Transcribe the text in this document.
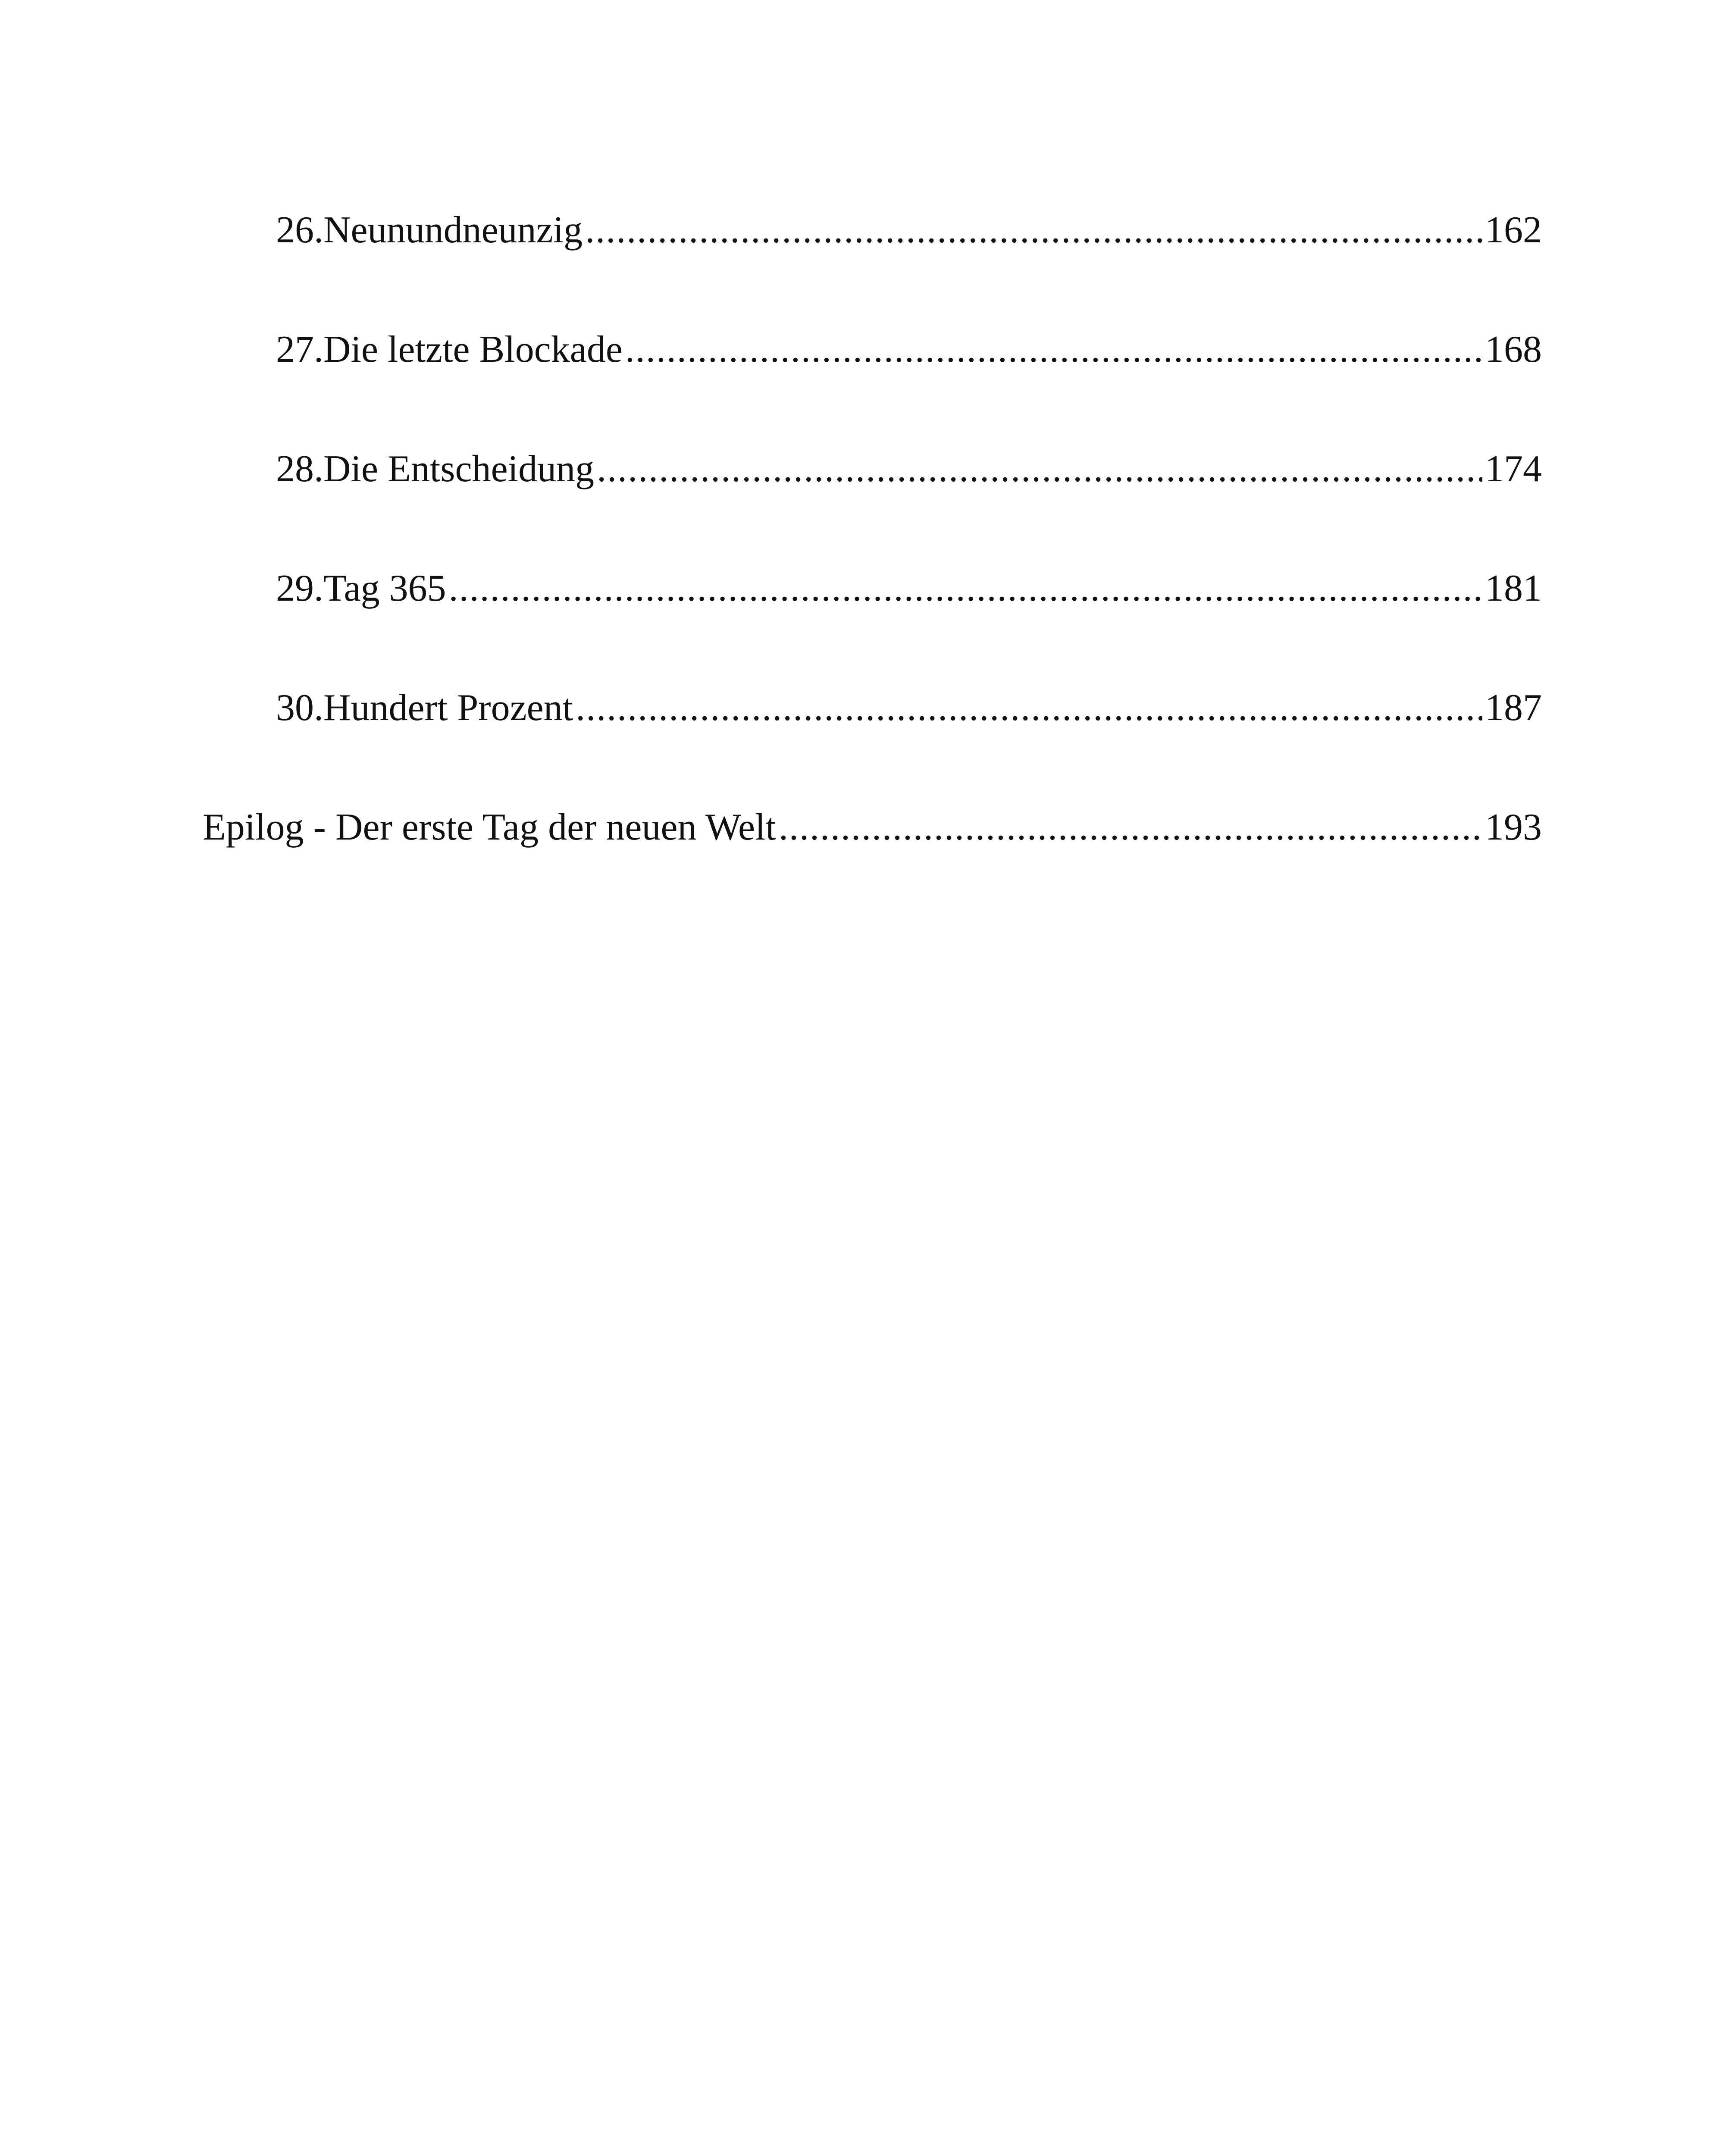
26.Neunundneunzig .....	162
27.Die letzte Blockade .....	168
28.Die Entscheidung .....	174
29.Tag 365 .....	181
30.Hundert Prozent .....	187
Epilog - Der erste Tag der neuen Welt .....	193
